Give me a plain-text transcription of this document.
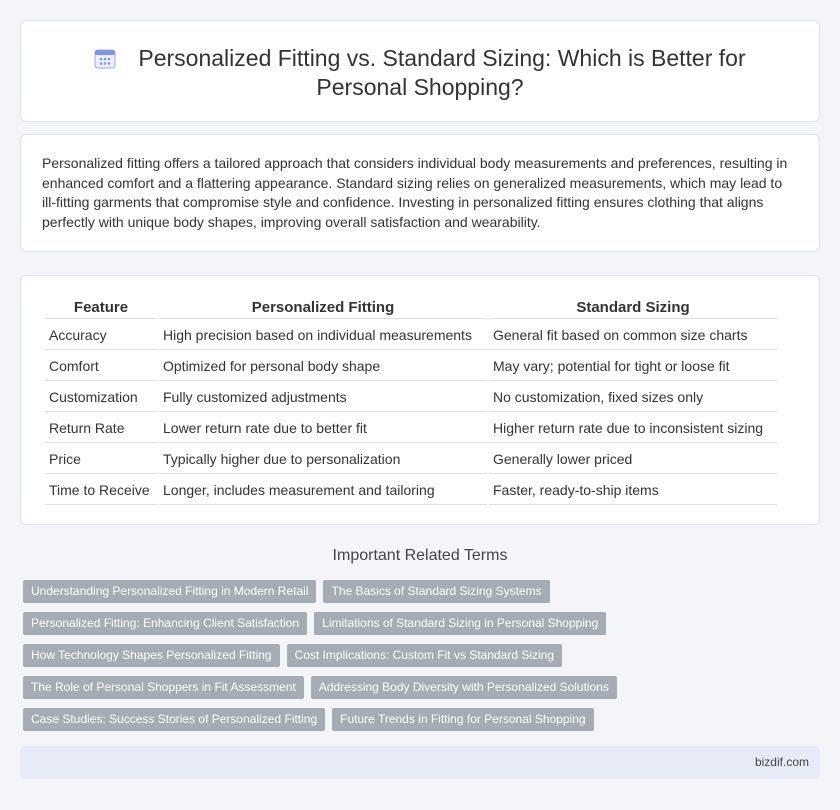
Personalized Fitting vs. Standard Sizing: Which is Better for
Personal Shopping?

Personalized fitting offers a tailored approach that considers individual body measurements and preferences, resulting in enhanced comfort and a flattering appearance. Standard sizing relies on generalized measurements, which may lead to ill-fitting garments that compromise style and confidence. Investing in personalized fitting ensures clothing that aligns perfectly with unique body shapes, improving overall satisfaction and wearability.

Feature	Personalized Fitting	Standard Sizing
Accuracy	High precision based on individual measurements	General fit based on common size charts
Comfort	Optimized for personal body shape	May vary; potential for tight or loose fit
Customization	Fully customized adjustments	No customization, fixed sizes only
Return Rate	Lower return rate due to better fit	Higher return rate due to inconsistent sizing
Price	Typically higher due to personalization	Generally lower priced
Time to Receive	Longer, includes measurement and tailoring	Faster, ready-to-ship items
Important Related Terms
Understanding Personalized Fitting in Modern Retail	The Basics of Standard Sizing Systems
Personalized Fitting: Enhancing Client Satisfaction	Limitations of Standard Sizing in Personal Shopping
How Technology Shapes Personalized Fitting	Cost Implications: Custom Fit vs Standard Sizing
The Role of Personal Shoppers in Fit Assessment	Addressing Body Diversity with Personalized Solutions
Case Studies: Success Stories of Personalized Fitting	Future Trends in Fitting for Personal Shopping
bizdif.com
